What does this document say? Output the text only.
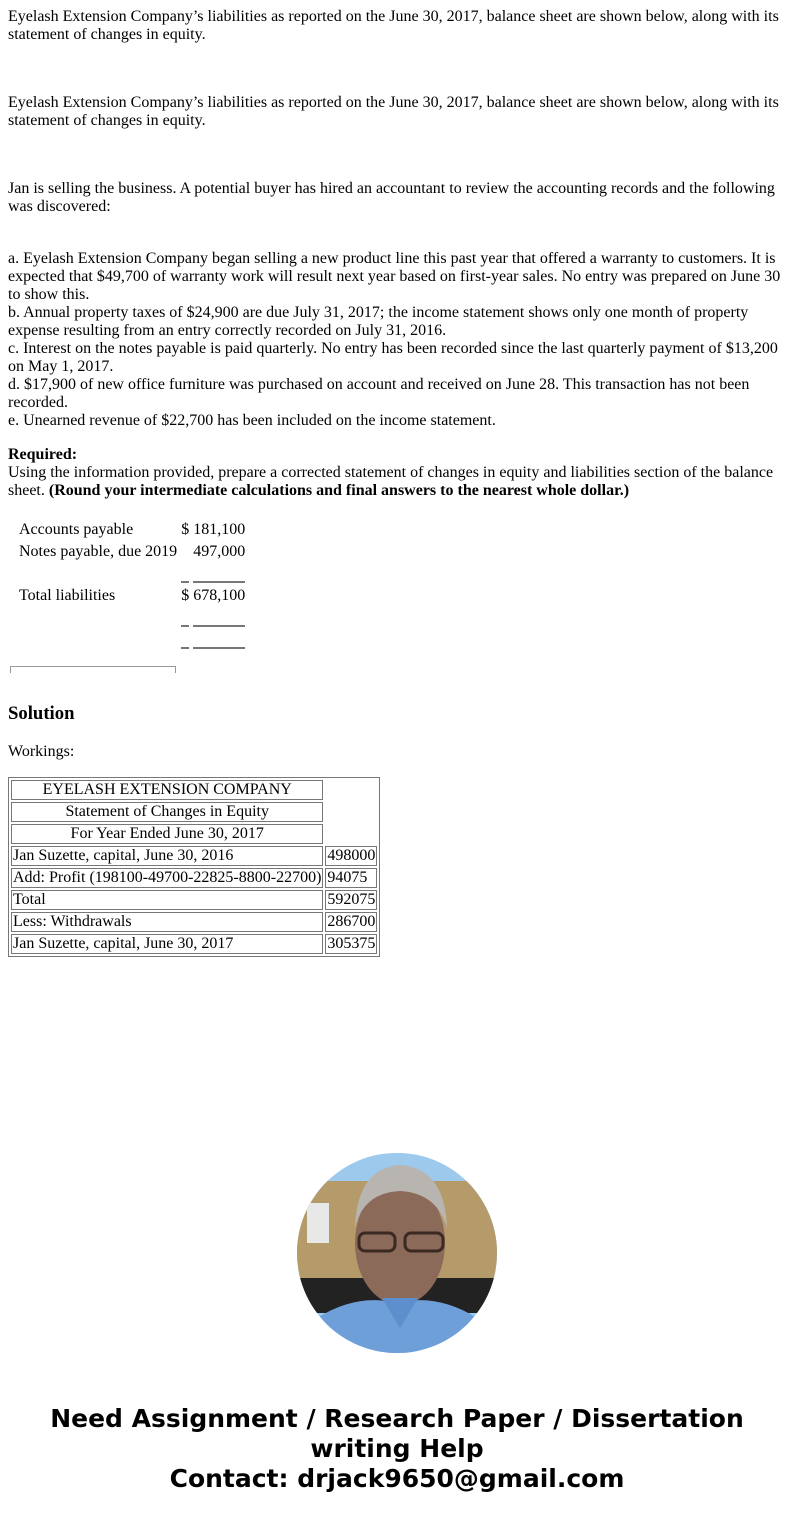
Eyelash Extension Company’s liabilities as reported on the June 30, 2017, balance sheet are shown below, along with its statement of changes in equity.

Eyelash Extension Company’s liabilities as reported on the June 30, 2017, balance sheet are shown below, along with its statement of changes in equity.

Jan is selling the business. A potential buyer has hired an accountant to review the accounting records and the following was discovered:

a. Eyelash Extension Company began selling a new product line this past year that offered a warranty to customers. It is expected that $49,700 of warranty work will result next year based on first-year sales. No entry was prepared on June 30 to show this.

b. Annual property taxes of $24,900 are due July 31, 2017; the income statement shows only one month of property expense resulting from an entry correctly recorded on July 31, 2016.

c. Interest on the notes payable is paid quarterly. No entry has been recorded since the last quarterly payment of $13,200 on May 1, 2017.

d. $17,900 of new office furniture was purchased on account and received on June 28. This transaction has not been recorded.

e. Unearned revenue of $22,700 has been included on the income statement.

Required:

Using the information provided, prepare a corrected statement of changes in equity and liabilities section of the balance sheet. (Round your intermediate calculations and final answers to the nearest whole dollar.)

Accounts payable	$	181,100
Notes payable, due 2019		497,000

Total liabilities	$	678,100

Solution

Workings:

EYELASH EXTENSION COMPANY	
Statement of Changes in Equity	
For Year Ended June 30, 2017	
Jan Suzette, capital, June 30, 2016	498000
Add: Profit (198100-49700-22825-8800-22700)	94075
Total	592075
Less: Withdrawals	286700
Jan Suzette, capital, June 30, 2017	305375
Need Assignment / Research Paper / Dissertation writing Help
Contact: drjack9650@gmail.com
